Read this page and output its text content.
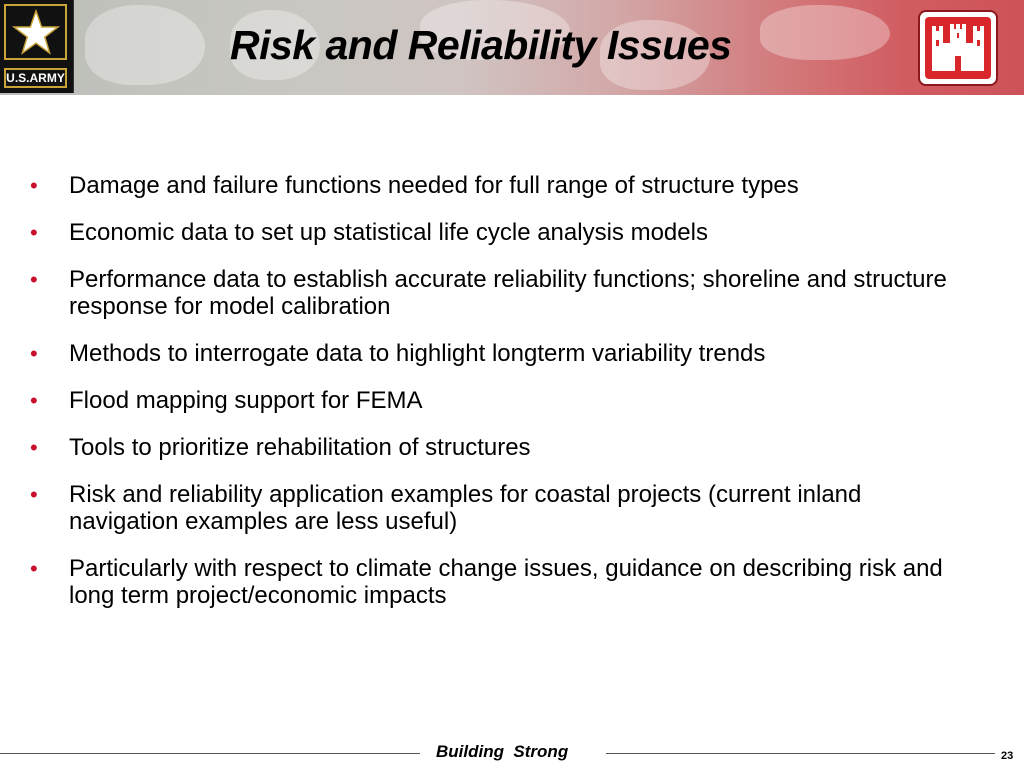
U.S.ARMY
Risk and Reliability Issues
• Damage and failure functions needed for full range of structure types
• Economic data to set up statistical life cycle analysis models
• Performance data to establish accurate reliability functions; shoreline and structure response for model calibration
• Methods to interrogate data to highlight longterm variability trends
• Flood mapping support for FEMA
• Tools to prioritize rehabilitation of structures
• Risk and reliability application examples for coastal projects (current inland navigation examples are less useful)
• Particularly with respect to climate change issues, guidance on describing risk and long term project/economic impacts
Building  Strong	23
